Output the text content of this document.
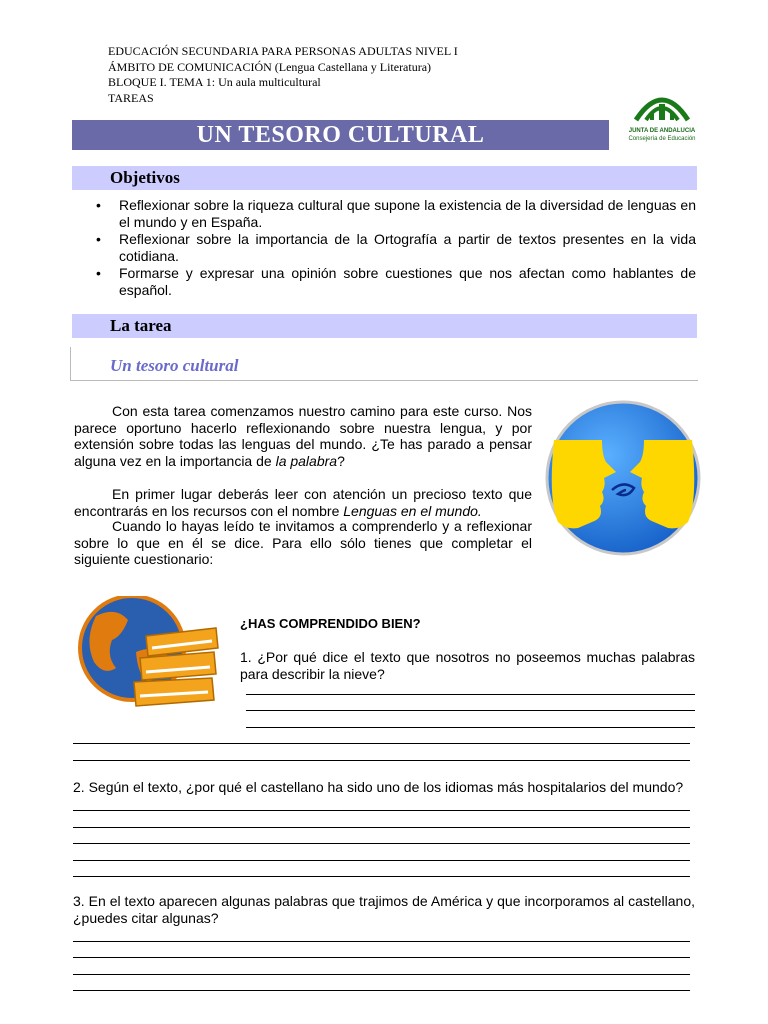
EDUCACIÓN SECUNDARIA PARA PERSONAS ADULTAS NIVEL I
ÁMBITO DE COMUNICACIÓN (Lengua Castellana y Literatura)
BLOQUE I. TEMA 1: Un aula multicultural
TAREAS
JUNTA DE ANDALUCIA
Consejería de Educación
UN TESORO CULTURAL
Objetivos
• Reflexionar sobre la riqueza cultural que supone la existencia de la diversidad de lenguas en el mundo y en España.
• Reflexionar sobre la importancia de la Ortografía a partir de textos presentes en la vida cotidiana.
• Formarse y expresar una opinión sobre cuestiones que nos afectan como hablantes de español.
La tarea
Un tesoro cultural

Con esta tarea comenzamos nuestro camino para este curso. Nos parece oportuno hacerlo reflexionando sobre nuestra lengua, y por extensión sobre todas las lenguas del mundo. ¿Te has parado a pensar alguna vez en la importancia de la palabra?

En primer lugar deberás leer con atención un precioso texto que encontrarás en los recursos con el nombre Lenguas en el mundo.

Cuando lo hayas leído te invitamos a comprenderlo y a reflexionar sobre lo que en él se dice. Para ello sólo tienes que completar el siguiente cuestionario:

¿HAS COMPRENDIDO BIEN?

1. ¿Por qué dice el texto que nosotros no poseemos muchas palabras para describir la nieve?

2. Según el texto, ¿por qué el castellano ha sido uno de los idiomas más hospitalarios del mundo?

3. En el texto aparecen algunas palabras que trajimos de América y que incorporamos al castellano, ¿puedes citar algunas?
